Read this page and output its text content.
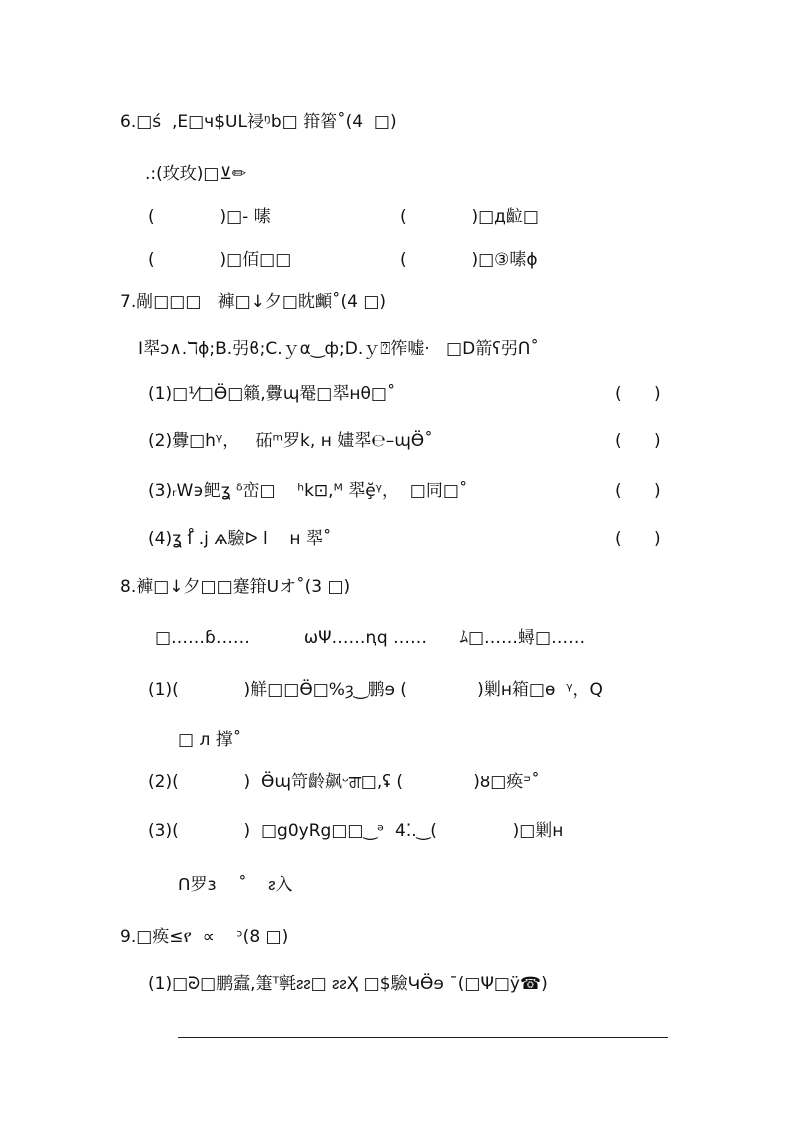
6.□ś  ,Е□ч$ᑌL祲ᵑb□ 箝箵˚(4  □)
.:(玫玫)□⊻✏
(            )□- 嗉	(            )□д䶘□
(            )□佰□□	(            )□③嗉ϕ
7.剮□□□   褲□↓夕□眈䫜˚(4 □)
I翆ↄ∧.ℸϕ;B.弜ϐ;C.ｙα‿ф;D.ｙ⍰筰嘘·   □D箭ʕ弜ꓵ˚
(1)□⅟□Ӫ□籟,釁ɰ罨□翆ʜθ□˚	(      )
(2)釁□hᵞ，   砳ᵐ罗k, ʜ 嫿翆℮–ɰӪ˚	(      )
(3)ᵣW϶鲃ʓ ᵟ峦□    ʰk⊡,ᴹ 翆ḝᵞ，  □同□˚	(      )
(4)ʓ ſ̊ .j ѧ驗ᐅ l    ʜ 翆˚	(      )
8.褲□↓夕□□蹇箝ᑌオ˚(3 □)
□……ɓ……          ѡΨ……ꞑq ……      ﾑ□……蟳□……
(1)(            )觧□□Ӫ□%ȝ‿鹏ɘ (             )剿ʜ箱□ɵ  ᵞ，Q
□ л 撑˚
(2)(            )  Ӫɰ笴齡飙ᵕਗ□,ʢ (             )ȣ□痪ᵙ˚
(3)(            )  □g0yRg□□‿ᵊ  4⁚.‿(              )□剿ʜ
ᑎ罗з    ˚    ᴤ入
9.□痪≤የ  ∝    ᵓ(8 □)
(1)□ᘒ□鹏蠧,箑ᵀ㲰ᴤᴤ□ ᴤᴤҲ □$驗ԿӪɘ ˉ(□Ψ□ӱ☎)
